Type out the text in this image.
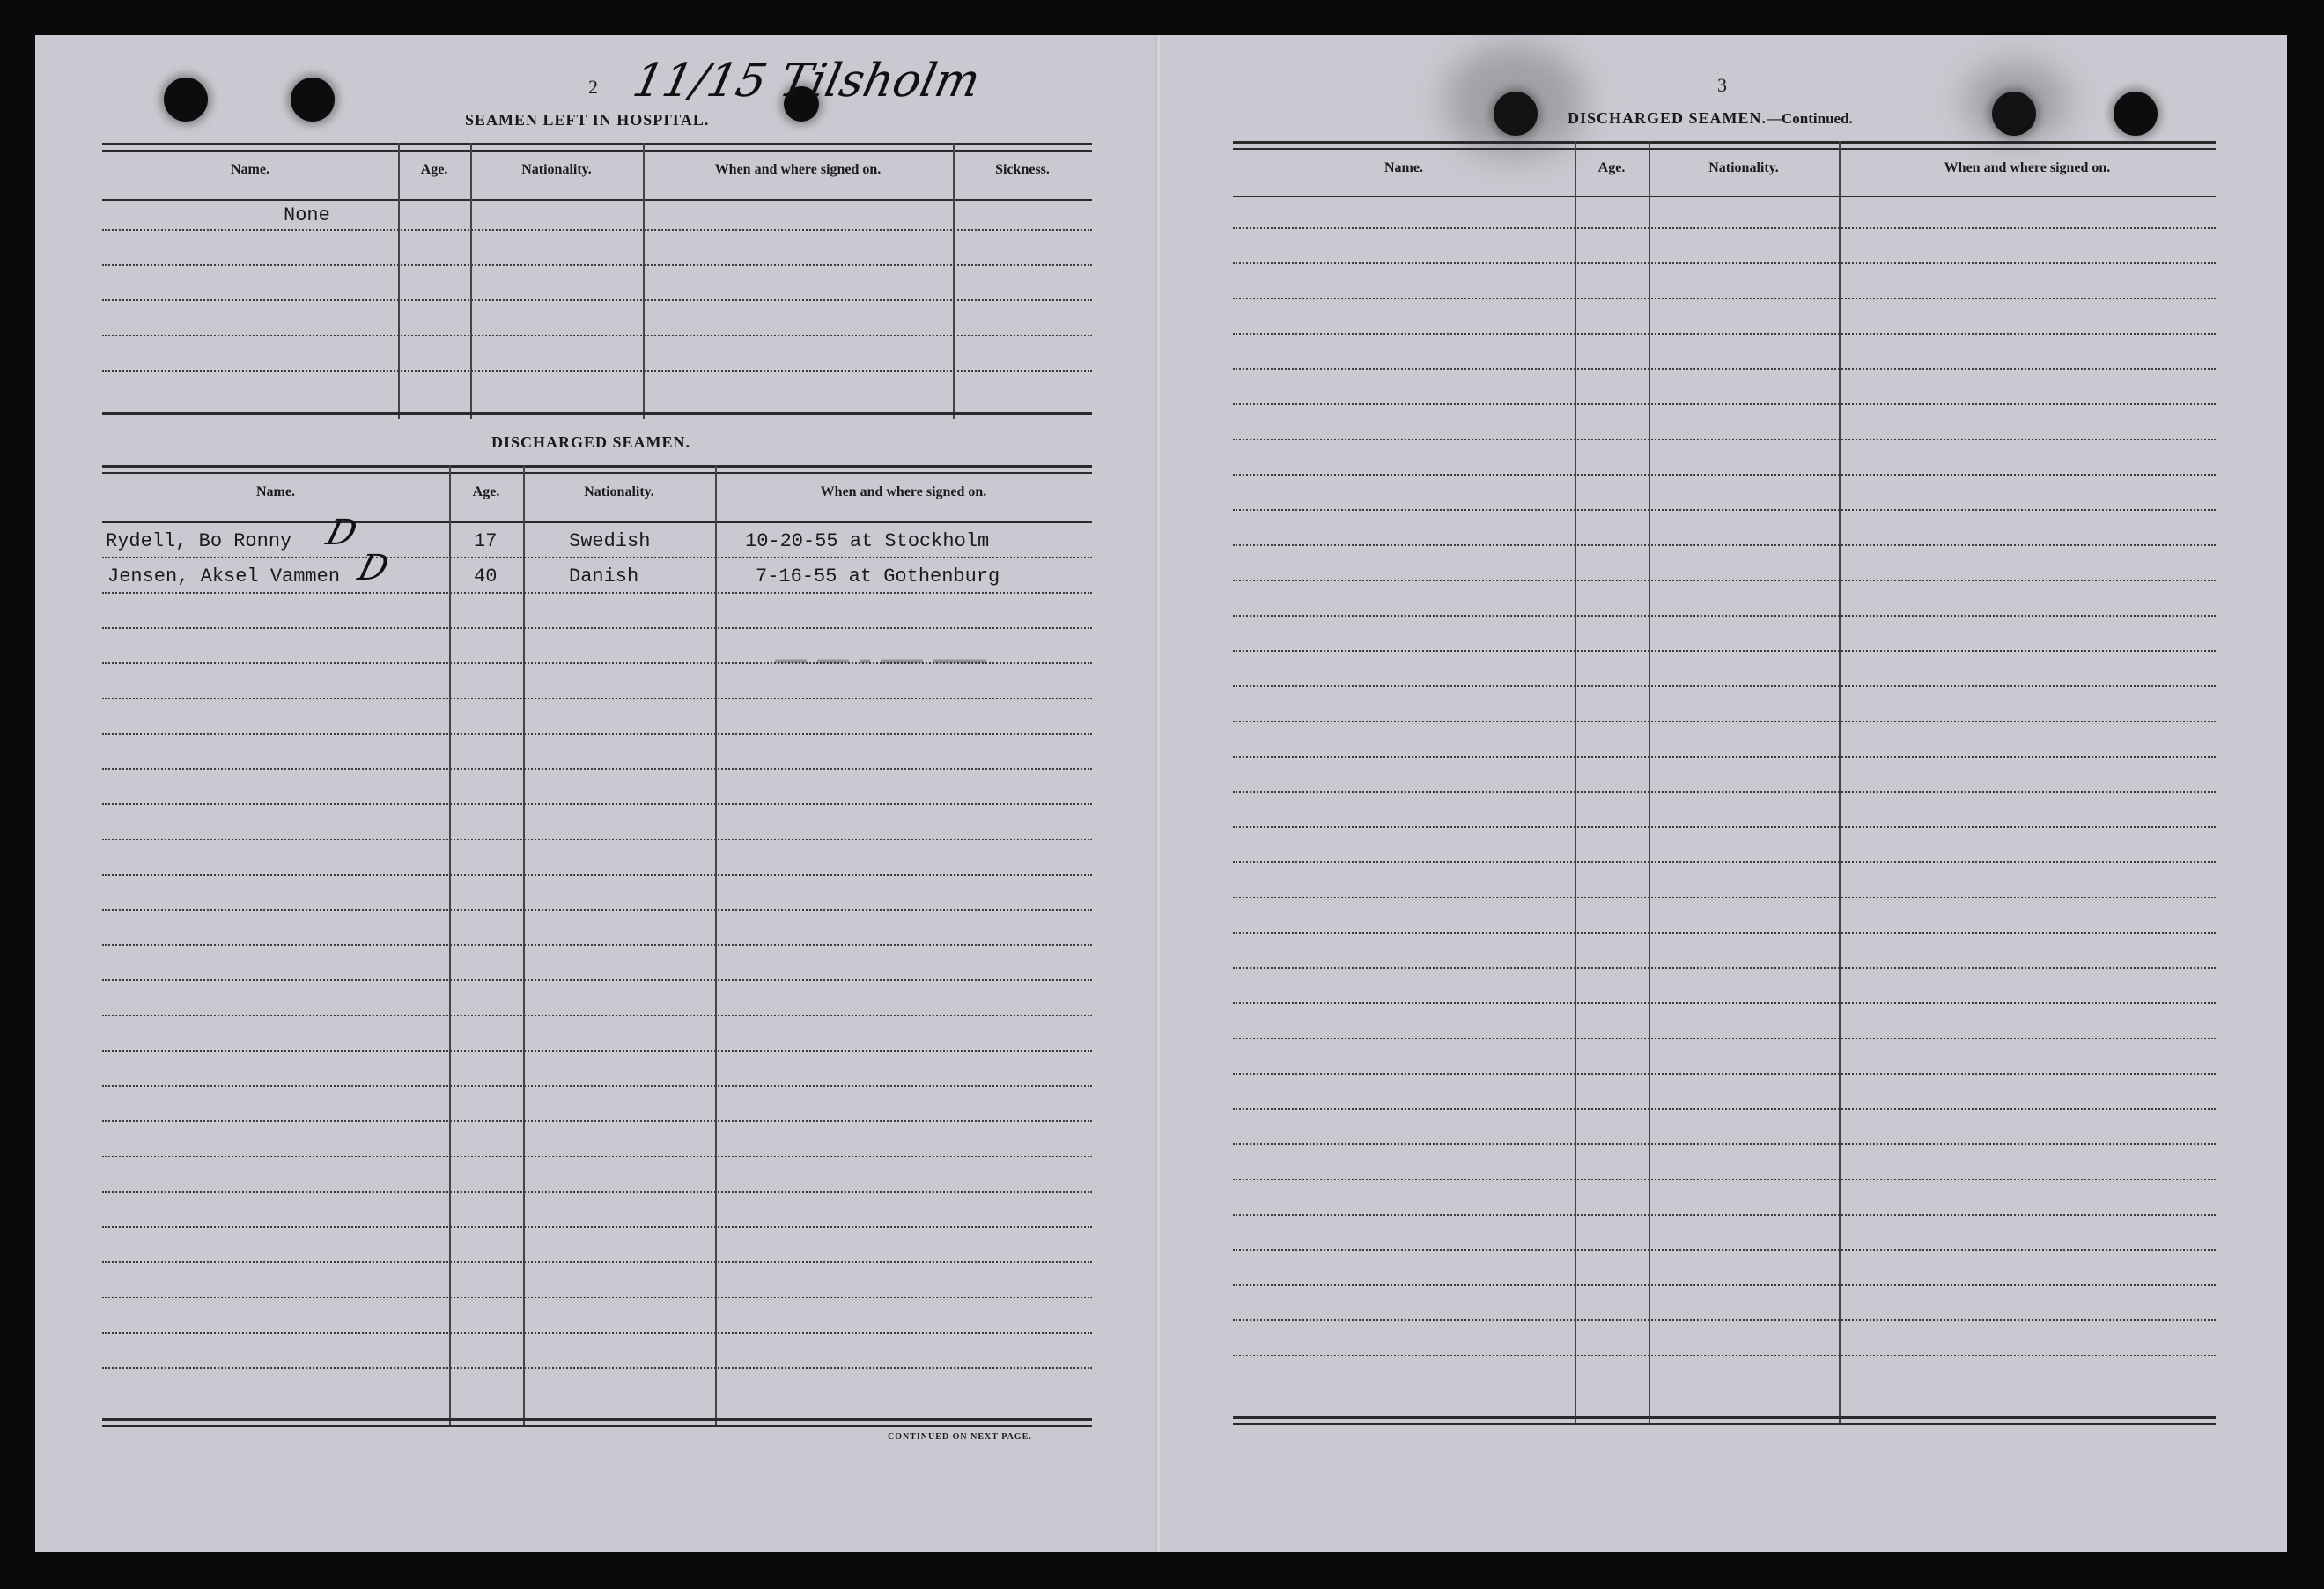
2 11/15 Tilsholm
SEAMEN LEFT IN HOSPITAL.
Name.	Age.	Nationality.	When and where signed on.	Sickness.
None
DISCHARGED SEAMEN.
Name.	Age.	Nationality.	When and where signed on.
Rydell, Bo Ronny D	17	Swedish	10-20-55 at Stockholm
Jensen, Aksel Vammen D	40	Danish	7-16-55 at Gothenburg
▬▬▬ ▬▬▬ ▬ ▬▬▬▬ ▬▬▬▬▬
CONTINUED ON NEXT PAGE.
3
DISCHARGED SEAMEN.—Continued.
Name.	Age.	Nationality.	When and where signed on.
